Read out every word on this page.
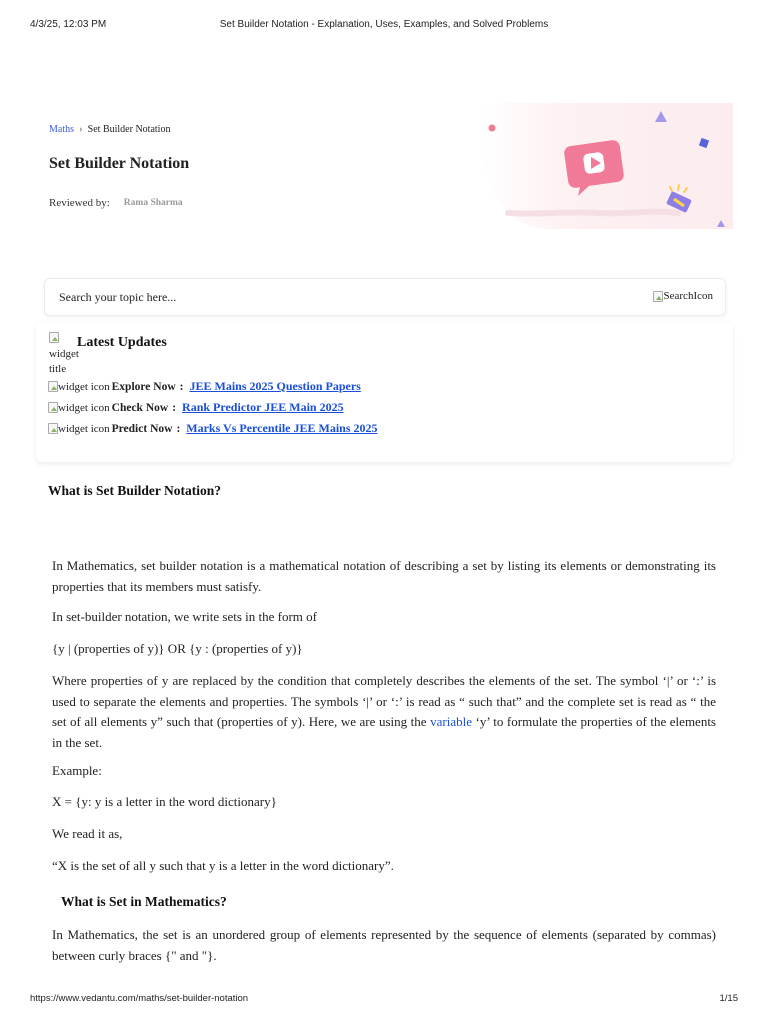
4/3/25, 12:03 PM	Set Builder Notation - Explanation, Uses, Examples, and Solved Problems
Maths › Set Builder Notation
Set Builder Notation
Reviewed by: Rama Sharma
Search your topic here...
SearchIcon

widget title
Latest Updates
widget icon Explore Now : JEE Mains 2025 Question Papers
widget icon Check Now : Rank Predictor JEE Main 2025
widget icon Predict Now : Marks Vs Percentile JEE Mains 2025
What is Set Builder Notation?

In Mathematics, set builder notation is a mathematical notation of describing a set by listing its elements or demonstrating its properties that its members must satisfy.

In set-builder notation, we write sets in the form of

{y | (properties of y)} OR {y : (properties of y)}

Where properties of y are replaced by the condition that completely describes the elements of the set. The symbol ‘|’ or ‘:’ is used to separate the elements and properties. The symbols ‘|’ or ‘:’ is read as “ such that” and the complete set is read as “ the set of all elements y” such that (properties of y). Here, we are using the variable ‘y’ to formulate the properties of the elements in the set.

Example:

X = {y: y is a letter in the word dictionary}

We read it as,

“X is the set of all y such that y is a letter in the word dictionary”.

What is Set in Mathematics?

In Mathematics, the set is an unordered group of elements represented by the sequence of elements (separated by commas) between curly braces {" and "}.

https://www.vedantu.com/maths/set-builder-notation	1/15
